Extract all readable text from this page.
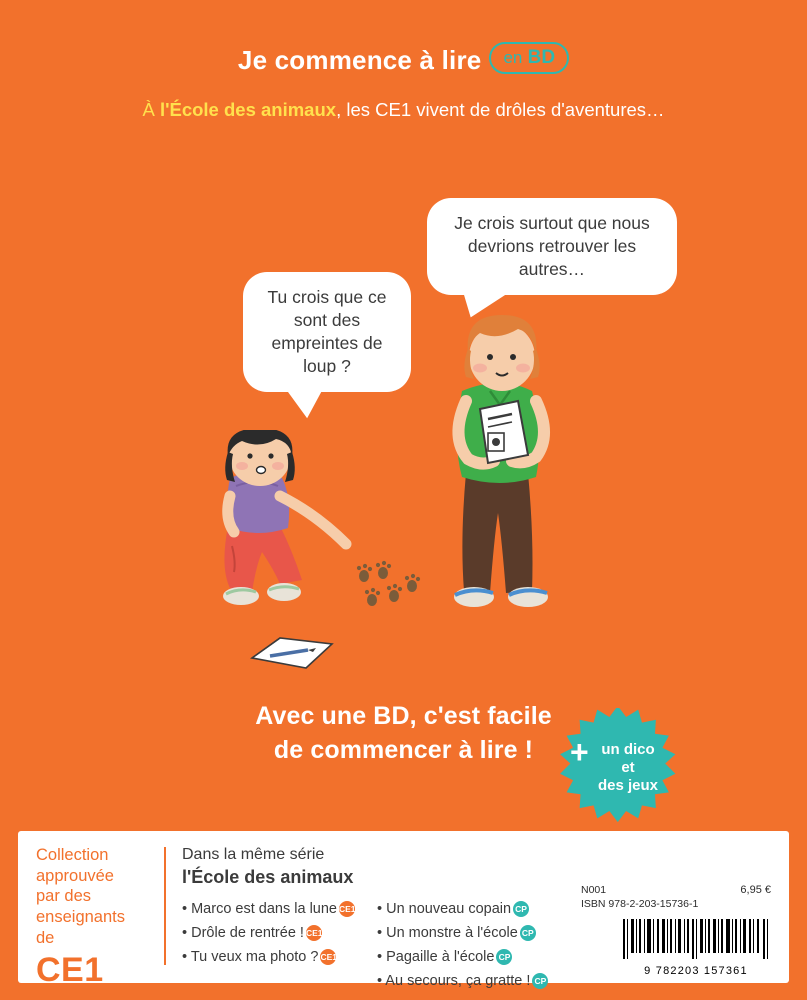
Je commence à lire en BD
À l'École des animaux, les CE1 vivent de drôles d'aventures…
Tu crois que ce sont des empreintes de loup ?
Je crois surtout que nous devrions retrouver les autres…
Avec une BD, c'est facile
de commencer à lire !	+ un dico
et
des jeux
Collection
approuvée
par des
enseignants
de
CE1
Dans la même série
l'École des animaux
• Marco est dans la lune CE1
• Drôle de rentrée ! CE1
• Tu veux ma photo ? CE1
• Un nouveau copain CP
• Un monstre à l'école CP
• Pagaille à l'école CP
• Au secours, ça gratte ! CP
6,95 €
N001
ISBN 978-2-203-15736-1
9 782203 157361
